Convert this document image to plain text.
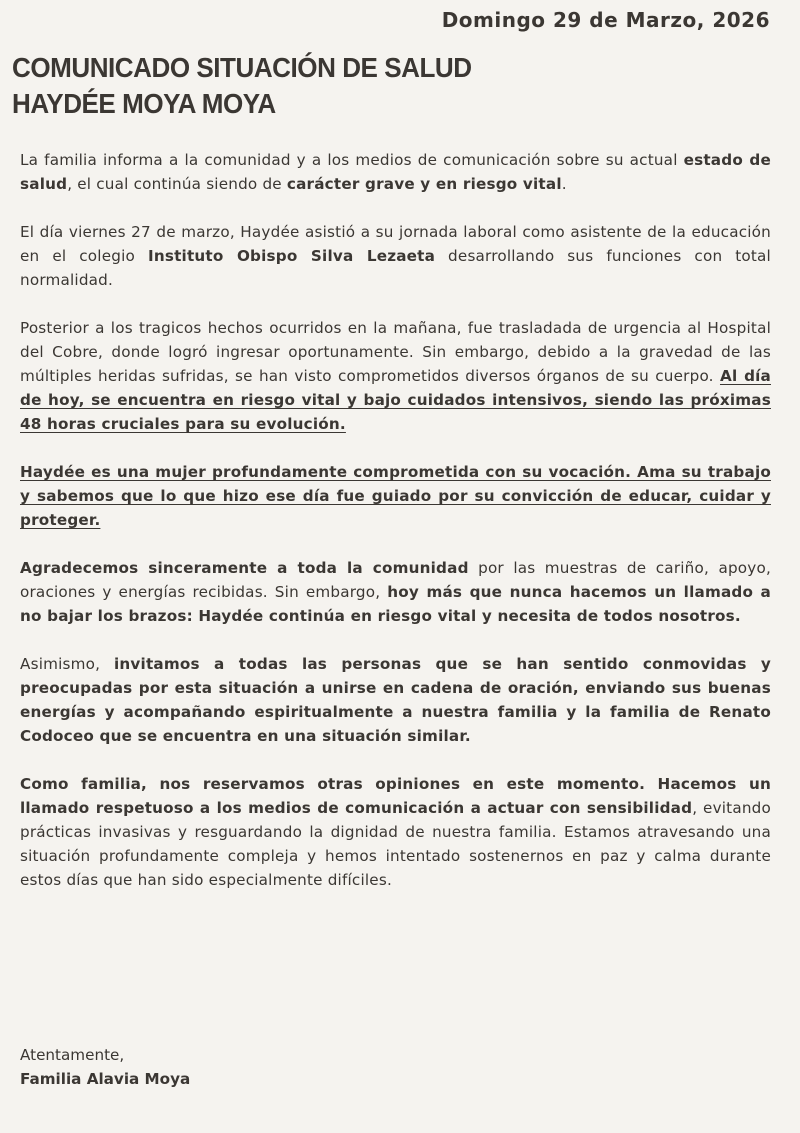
Domingo 29 de Marzo, 2026
COMUNICADO SITUACIÓN DE SALUD
HAYDÉE MOYA MOYA

La familia informa a la comunidad y a los medios de comunicación sobre su actual estado de salud, el cual continúa siendo de carácter grave y en riesgo vital.

El día viernes 27 de marzo, Haydée asistió a su jornada laboral como asistente de la educación en el colegio Instituto Obispo Silva Lezaeta desarrollando sus funciones con total normalidad.

Posterior a los tragicos hechos ocurridos en la mañana, fue trasladada de urgencia al Hospital del Cobre, donde logró ingresar oportunamente. Sin embargo, debido a la gravedad de las múltiples heridas sufridas, se han visto comprometidos diversos órganos de su cuerpo. Al día de hoy, se encuentra en riesgo vital y bajo cuidados intensivos, siendo las próximas 48 horas cruciales para su evolución.

Haydée es una mujer profundamente comprometida con su vocación. Ama su trabajo y sabemos que lo que hizo ese día fue guiado por su convicción de educar, cuidar y proteger.

Agradecemos sinceramente a toda la comunidad por las muestras de cariño, apoyo, oraciones y energías recibidas. Sin embargo, hoy más que nunca hacemos un llamado a no bajar los brazos: Haydée continúa en riesgo vital y necesita de todos nosotros.

Asimismo, invitamos a todas las personas que se han sentido conmovidas y preocupadas por esta situación a unirse en cadena de oración, enviando sus buenas energías y acompañando espiritualmente a nuestra familia y la familia de Renato Codoceo que se encuentra en una situación similar.

Como familia, nos reservamos otras opiniones en este momento. Hacemos un llamado respetuoso a los medios de comunicación a actuar con sensibilidad, evitando prácticas invasivas y resguardando la dignidad de nuestra familia. Estamos atravesando una situación profundamente compleja y hemos intentado sostenernos en paz y calma durante estos días que han sido especialmente difíciles.

Atentamente,
Familia Alavia Moya
